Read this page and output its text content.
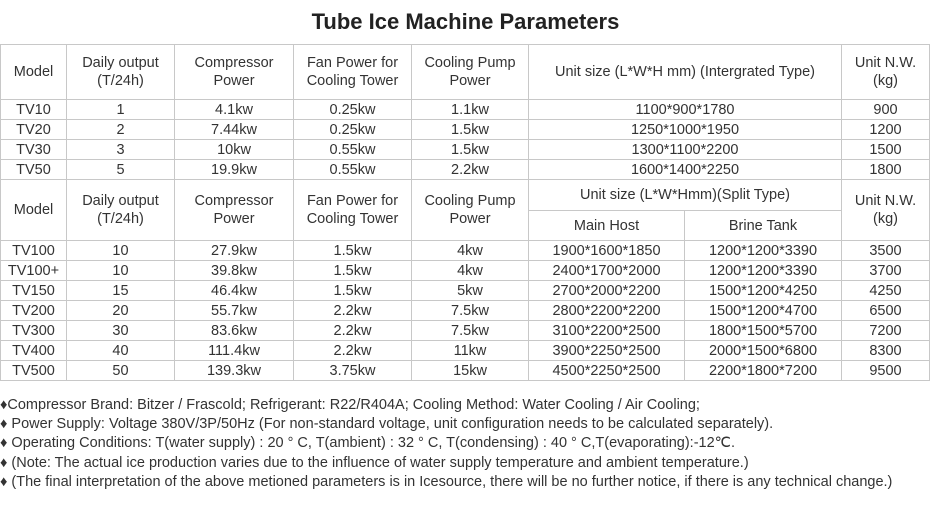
Tube Ice Machine Parameters
Model	Daily output (T/24h)	Compressor Power	Fan Power for Cooling Tower	Cooling Pump Power	Unit size (L*W*H mm) (Intergrated Type)		Unit N.W. (kg)
TV10	1	4.1kw	0.25kw	1.1kw	1100*900*1780		900
TV20	2	7.44kw	0.25kw	1.5kw	1250*1000*1950		1200
TV30	3	10kw	0.55kw	1.5kw	1300*1100*2200		1500
TV50	5	19.9kw	0.55kw	2.2kw	1600*1400*2250		1800
Model	Daily output (T/24h)	Compressor Power	Fan Power for Cooling Tower	Cooling Pump Power	Unit size (L*W*Hmm)(Split Type)		Unit N.W. (kg)
					Main Host	Brine Tank	
TV100	10	27.9kw	1.5kw	4kw	1900*1600*1850	1200*1200*3390	3500
TV100+	10	39.8kw	1.5kw	4kw	2400*1700*2000	1200*1200*3390	3700
TV150	15	46.4kw	1.5kw	5kw	2700*2000*2200	1500*1200*4250	4250
TV200	20	55.7kw	2.2kw	7.5kw	2800*2200*2200	1500*1200*4700	6500
TV300	30	83.6kw	2.2kw	7.5kw	3100*2200*2500	1800*1500*5700	7200
TV400	40	111.4kw	2.2kw	11kw	3900*2250*2500	2000*1500*6800	8300
TV500	50	139.3kw	3.75kw	15kw	4500*2250*2500	2200*1800*7200	9500
♦Compressor Brand: Bitzer / Frascold; Refrigerant: R22/R404A; Cooling Method: Water Cooling / Air Cooling;
♦ Power Supply: Voltage 380V/3P/50Hz (For non-standard voltage, unit configuration needs to be calculated separately).
♦ Operating Conditions: T(water supply) : 20 ° C, T(ambient) : 32 ° C, T(condensing) : 40 ° C,T(evaporating):-12℃.
♦ (Note: The actual ice production varies due to the influence of water supply temperature and ambient temperature.)
♦ (The final interpretation of the above metioned parameters is in Icesource, there will be no further notice, if there is any technical change.)
